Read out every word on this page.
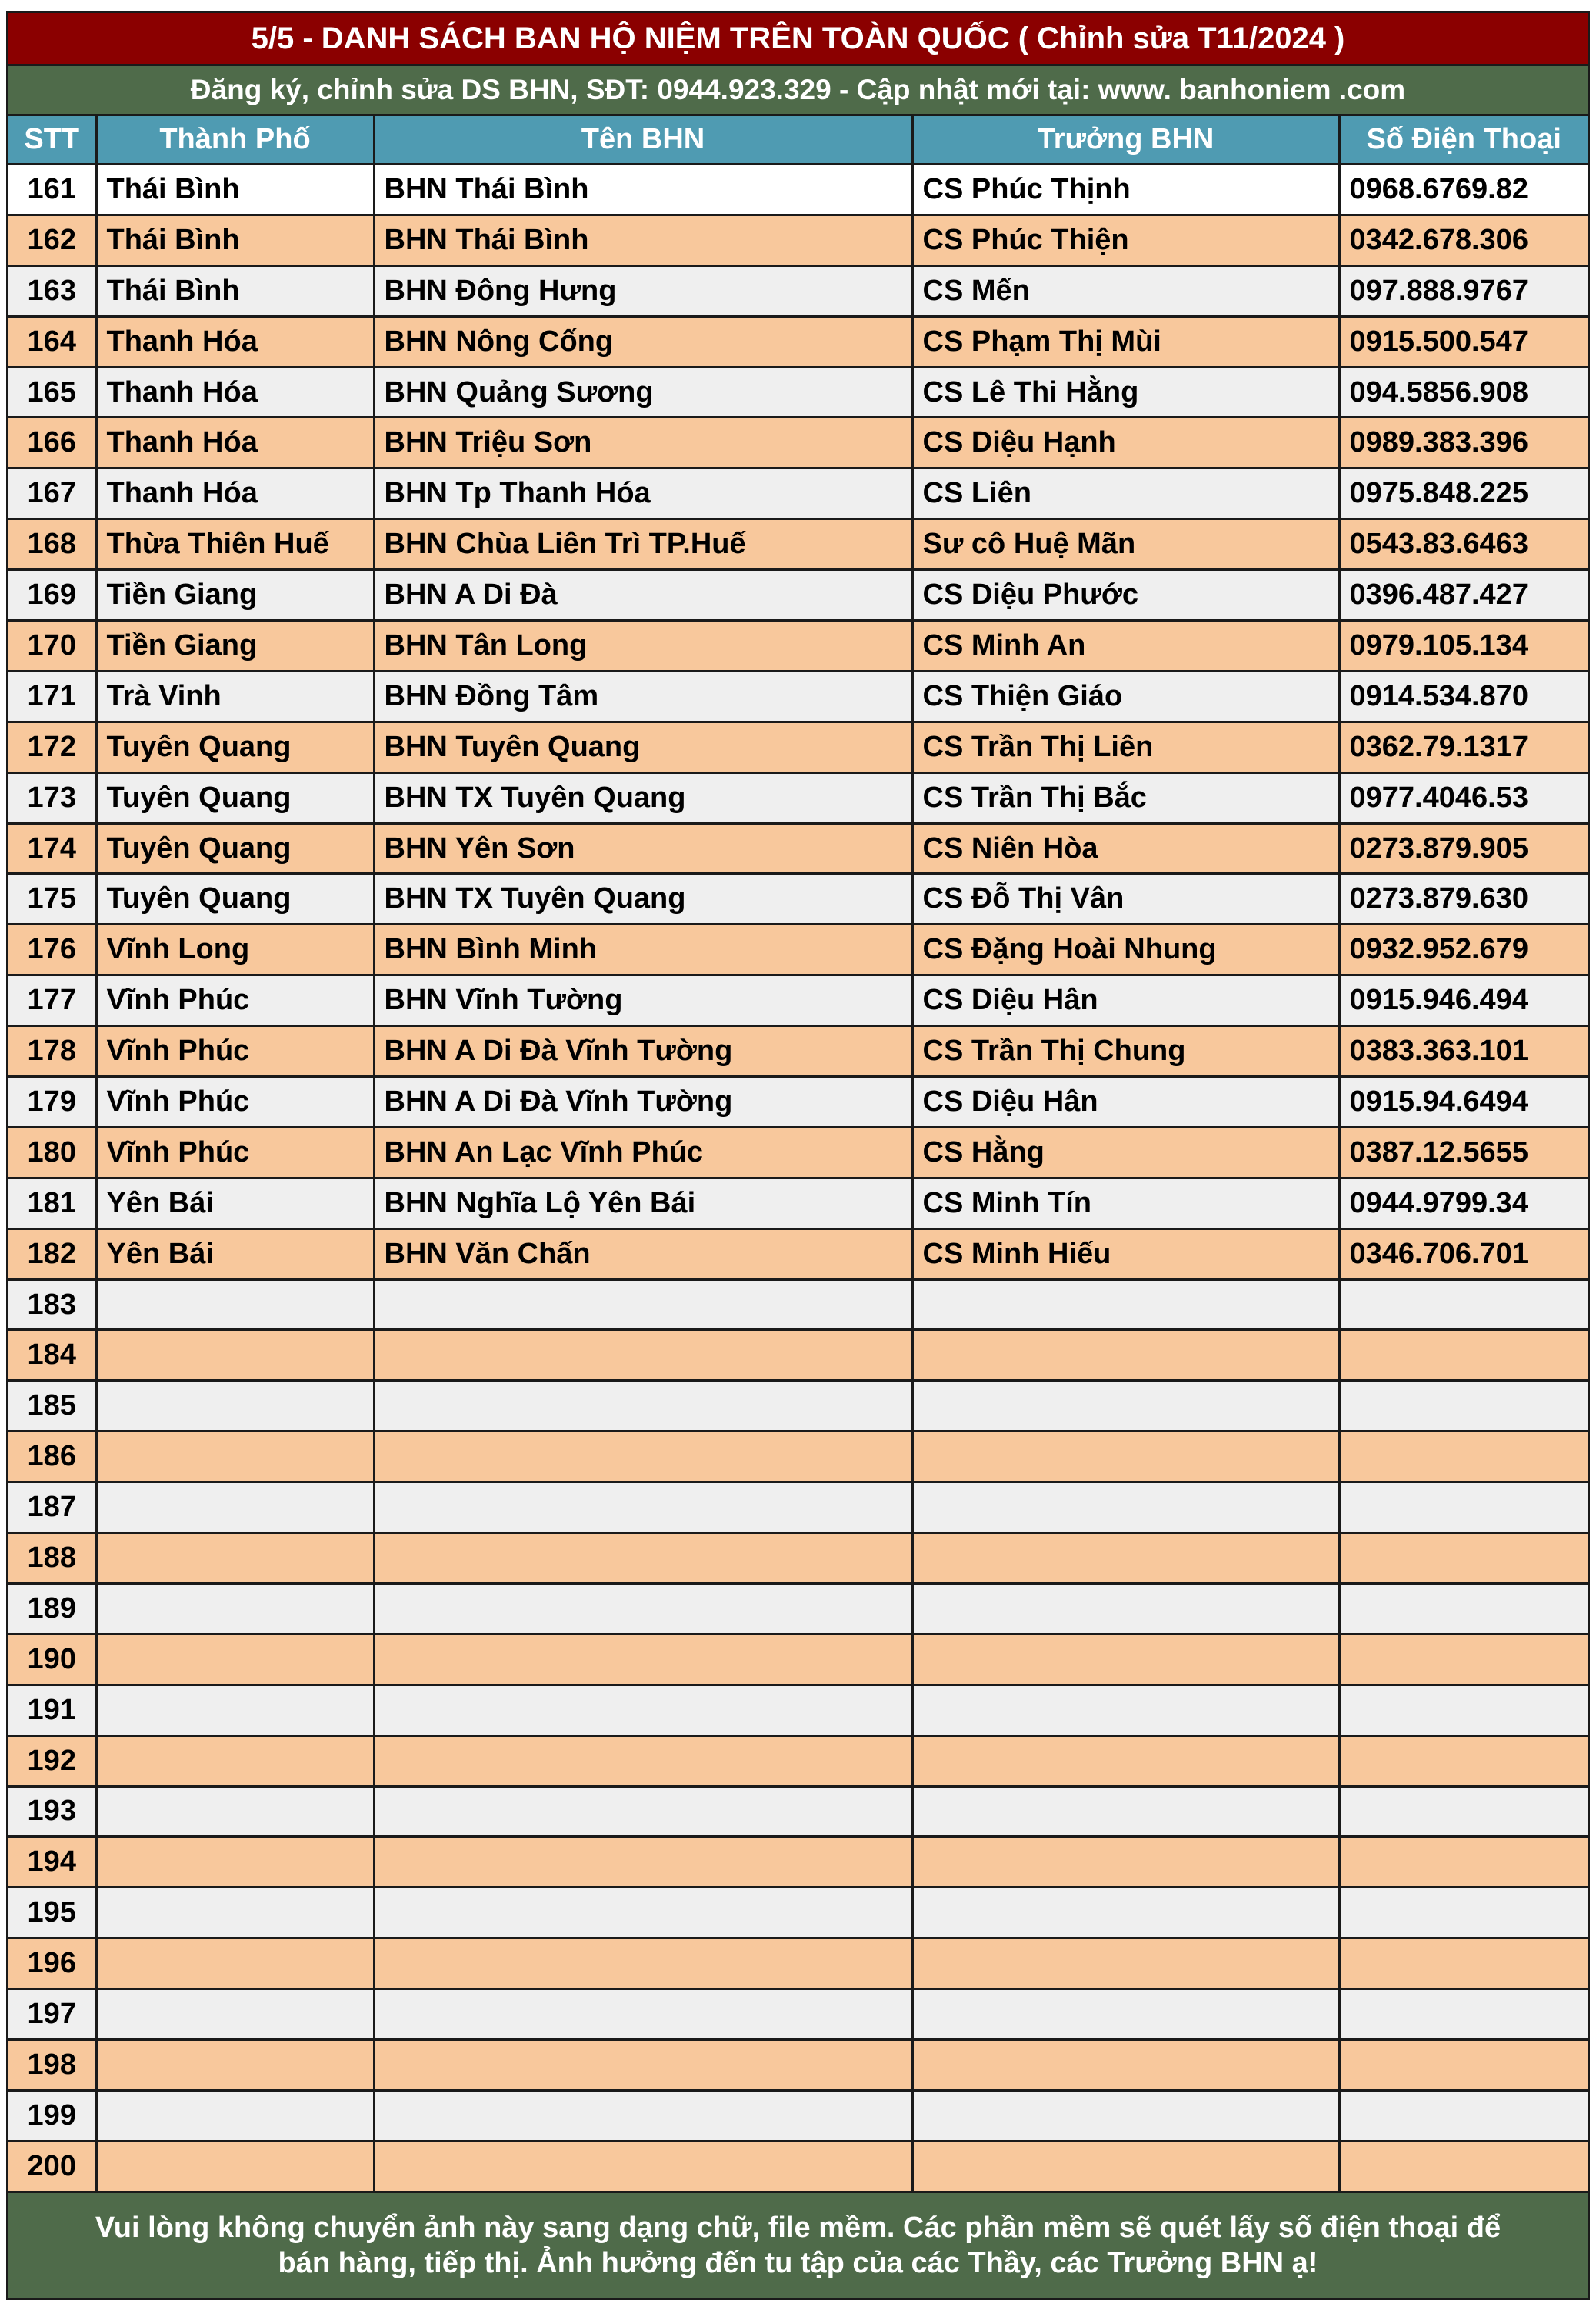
5/5 - DANH SÁCH BAN HỘ NIỆM TRÊN TOÀN QUỐC ( Chỉnh sửa T11/2024 )
Đăng ký, chỉnh sửa DS BHN, SĐT: 0944.923.329 - Cập nhật mới tại: www. banhoniem .com
STT	Thành Phố	Tên BHN	Trưởng BHN	Số Điện Thoại
161	Thái Bình	BHN Thái Bình	CS Phúc Thịnh	0968.6769.82
162	Thái Bình	BHN Thái Bình	CS Phúc Thiện	0342.678.306
163	Thái Bình	BHN Đông Hưng	CS Mến	097.888.9767
164	Thanh Hóa	BHN Nông Cống	CS Phạm Thị Mùi	0915.500.547
165	Thanh Hóa	BHN Quảng Sương	CS Lê Thi Hằng	094.5856.908
166	Thanh Hóa	BHN Triệu Sơn	CS Diệu Hạnh	0989.383.396
167	Thanh Hóa	BHN Tp Thanh Hóa	CS Liên	0975.848.225
168	Thừa Thiên Huế	BHN Chùa Liên Trì TP.Huế	Sư cô Huệ Mãn	0543.83.6463
169	Tiền Giang	BHN A Di Đà	CS Diệu Phước	0396.487.427
170	Tiền Giang	BHN Tân Long	CS Minh An	0979.105.134
171	Trà Vinh	BHN Đồng Tâm	CS Thiện Giáo	0914.534.870
172	Tuyên Quang	BHN Tuyên Quang	CS Trần Thị Liên	0362.79.1317
173	Tuyên Quang	BHN TX Tuyên Quang	CS Trần Thị Bắc	0977.4046.53
174	Tuyên Quang	BHN Yên Sơn	CS Niên Hòa	0273.879.905
175	Tuyên Quang	BHN TX Tuyên Quang	CS Đỗ Thị Vân	0273.879.630
176	Vĩnh Long	BHN Bình Minh	CS Đặng Hoài Nhung	0932.952.679
177	Vĩnh Phúc	BHN Vĩnh Tường	CS Diệu Hân	0915.946.494
178	Vĩnh Phúc	BHN A Di Đà Vĩnh Tường	CS Trần Thị Chung	0383.363.101
179	Vĩnh Phúc	BHN A Di Đà Vĩnh Tường	CS Diệu Hân	0915.94.6494
180	Vĩnh Phúc	BHN An Lạc Vĩnh Phúc	CS Hằng	0387.12.5655
181	Yên Bái	BHN Nghĩa Lộ Yên Bái	CS Minh Tín	0944.9799.34
182	Yên Bái	BHN Văn Chấn	CS Minh Hiếu	0346.706.701
183				
184				
185				
186				
187				
188				
189				
190				
191				
192				
193				
194				
195				
196				
197				
198				
199				
200				
Vui lòng không chuyển ảnh này sang dạng chữ, file mềm. Các phần mềm sẽ quét lấy số điện thoại để
bán hàng, tiếp thị. Ảnh hưởng đến tu tập của các Thầy, các Trưởng BHN ạ!
